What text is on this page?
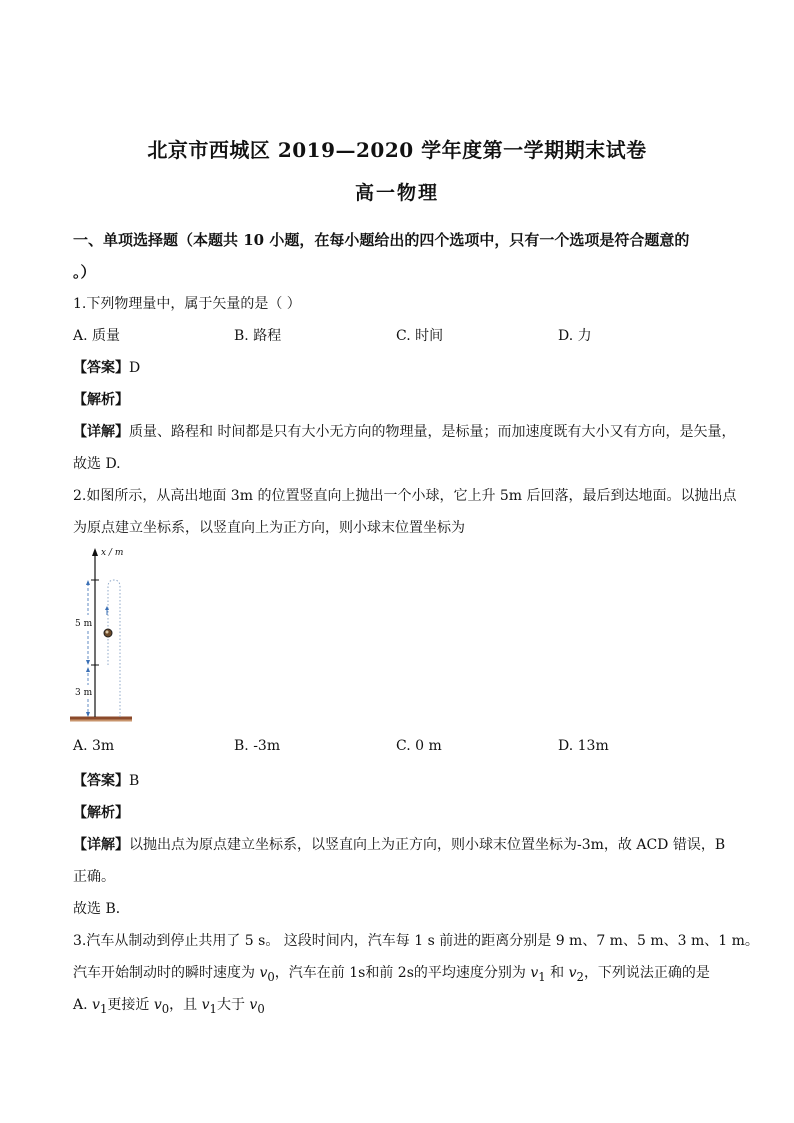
北京市西城区 2019—2020 学年度第一学期期末试卷
高一物理
一、单项选择题（本题共 10 小题，在每小题给出的四个选项中，只有一个选项是符合题意的
。）
1.下列物理量中，属于矢量的是（ ）
A. 质量	B. 路程	C. 时间	D. 力
【答案】D
【解析】
【详解】质量、路程和 时间都是只有大小无方向的物理量，是标量；而加速度既有大小又有方向，是矢量，
故选 D.
2.如图所示，从高出地面 3m 的位置竖直向上抛出一个小球，它上升 5m 后回落，最后到达地面。以抛出点
为原点建立坐标系，以竖直向上为正方向，则小球末位置坐标为
x / m
5 m
3 m
A. 3m	B. -3m	C. 0 m	D. 13m
【答案】B
【解析】
【详解】以抛出点为原点建立坐标系，以竖直向上为正方向，则小球末位置坐标为-3m，故 ACD 错误，B
正确。
故选 B．
3.汽车从制动到停止共用了 5 s。 这段时间内，汽车每 1 s 前进的距离分别是 9 m、7 m、5 m、3 m、1 m。
汽车开始制动时的瞬时速度为 $v_0$，汽车在前 1s和前 2s的平均速度分别为 $v_1$ 和 $v_2$，下列说法正确的是
A. $v_1$更接近 $v_0$，且 $v_1$大于 $v_0$
